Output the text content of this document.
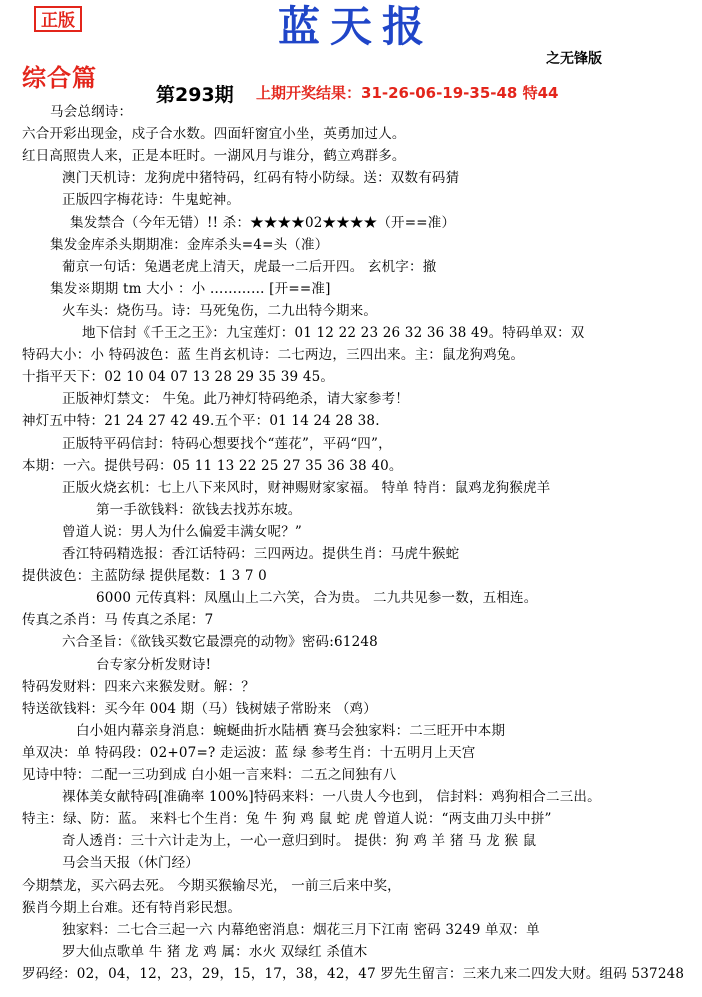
正版	蓝天报
之无锋版
综合篇
第293期 上期开奖结果：31-26-06-19-35-48 特44
马会总纲诗：
六合开彩出现金，戍子合水数。四面轩窗宜小坐，英勇加过人。
红日高照贵人来，正是本旺时。一湖风月与谁分，鹤立鸡群多。
澳门天机诗：龙狗虎中猪特码，红码有特小防绿。送：双数有码猜
正版四字梅花诗：牛鬼蛇神。
集发禁合（今年无错）!! 杀：★★★★02★★★★（开==准）
集发金库杀头期期准：金库杀头=4=头（准）
葡京一句话：兔遇老虎上清天，虎最一二后开四。 玄机字：撤
集发※期期 tm 大小 ：小 ………… [开==准]
火车头：烧伤马。诗：马死兔伤，二九出特今期来。
地下信封《千王之王》：九宝莲灯：01 12 22 23 26 32 36 38 49。特码单双：双
特码大小：小 特码波色：蓝 生肖玄机诗：二七两边，三四出来。主：鼠龙狗鸡兔。
十指平天下：02 10 04 07 13 28 29 35 39 45。
正版神灯禁文： 牛兔。此乃神灯特码绝杀，请大家参考！
神灯五中特：21 24 27 42 49.五个平：01 14 24 28 38.
正版特平码信封：特码心想要找个“莲花”，平码“四”，
本期：一六。提供号码：05 11 13 22 25 27 35 36 38 40。
正版火烧玄机：七上八下来风时，财神赐财家家福。 特单 特肖：鼠鸡龙狗猴虎羊
第一手欲钱料：欲钱去找苏东坡。
曾道人说：男人为什么偏爱丰满女呢？”
香江特码精选报：香江话特码：三四两边。提供生肖：马虎牛猴蛇
提供波色：主蓝防绿 提供尾数：1 3 7 0
6000 元传真料：凤凰山上二六笑，合为贵。 二九共见参一数，五相连。
传真之杀肖：马 传真之杀尾：7
六合圣旨：《欲钱买数它最漂亮的动物》密码:61248
台专家分析发财诗!
特码发财料：四来六来猴发财。解：？
特送欲钱料：买今年 004 期（马）钱树婊子常盼来 （鸡）
白小姐内幕亲身消息：蜿蜒曲折水陆栖 赛马会独家料：二三旺开中本期
单双决：单 特码段：02+07=? 走运波：蓝 绿 参考生肖：十五明月上天宫
见诗中特：二配一三功到成 白小姐一言来料：二五之间独有八
裸体美女献特码[准确率 100%]特码来料：一八贵人今也到， 信封料：鸡狗相合二三出。
特主：绿、防：蓝。 来料七个生肖：兔 牛 狗 鸡 鼠 蛇 虎 曾道人说：“两支曲刀头中拼”
奇人透肖：三十六计走为上，一心一意归到时。 提供：狗 鸡 羊 猪 马 龙 猴 鼠
马会当天报（休门经）
今期禁龙，买六码去死。 今期买猴输尽光， 一前三后来中奖，
猴肖今期上台难。还有特肖彩民想。
独家料：二七合三起一六 内幕绝密消息：烟花三月下江南 密码 3249 单双：单
罗大仙点歌单 牛 猪 龙 鸡 属：水火 双绿红 杀值木
罗码经：02，04，12，23，29，15，17，38，42，47 罗先生留言：三来九来二四发大财。组码 537248
